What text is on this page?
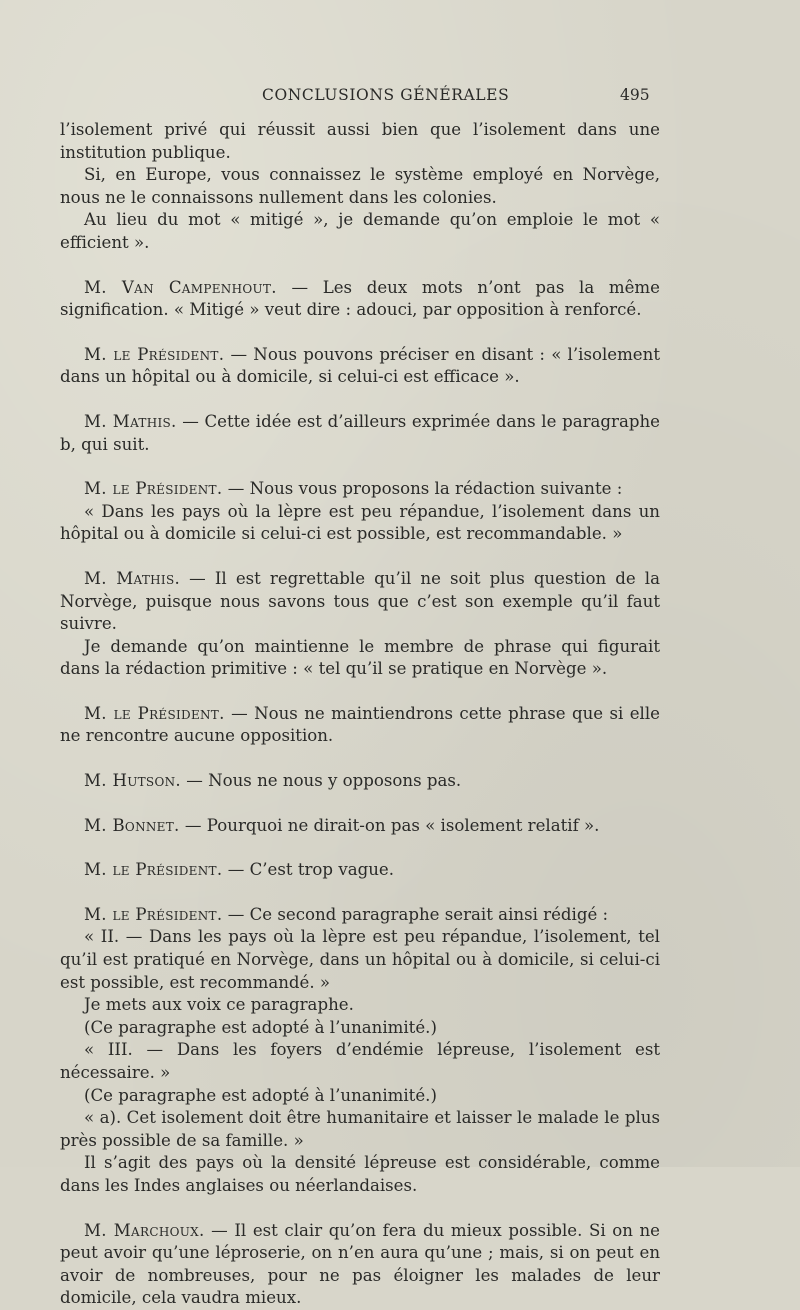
CONCLUSIONS GÉNÉRALES	495

l’isolement privé qui réussit aussi bien que l’isolement dans une institution publique.

Si, en Europe, vous connaissez le système employé en Norvège, nous ne le connaissons nullement dans les colonies.

Au lieu du mot « mitigé », je demande qu’on emploie le mot « efficient ».

M. Van Campenhout. — Les deux mots n’ont pas la même signification. « Mitigé » veut dire : adouci, par opposition à renforcé.

M. le Président. — Nous pouvons préciser en disant : « l’isolement dans un hôpital ou à domicile, si celui-ci est efficace ».

M. Mathis. — Cette idée est d’ailleurs exprimée dans le paragraphe b, qui suit.

M. le Président. — Nous vous proposons la rédaction suivante :

« Dans les pays où la lèpre est peu répandue, l’isolement dans un hôpital ou à domicile si celui-ci est possible, est recommandable. »

M. Mathis. — Il est regrettable qu’il ne soit plus question de la Norvège, puisque nous savons tous que c’est son exemple qu’il faut suivre.

Je demande qu’on maintienne le membre de phrase qui figurait dans la rédaction primitive : « tel qu’il se pratique en Norvège ».

M. le Président. — Nous ne maintiendrons cette phrase que si elle ne rencontre aucune opposition.

M. Hutson. — Nous ne nous y opposons pas.

M. Bonnet. — Pourquoi ne dirait-on pas « isolement relatif ».

M. le Président. — C’est trop vague.

M. le Président. — Ce second paragraphe serait ainsi rédigé :

« II. — Dans les pays où la lèpre est peu répandue, l’isolement, tel qu’il est pratiqué en Norvège, dans un hôpital ou à domicile, si celui-ci est possible, est recommandé. »

Je mets aux voix ce paragraphe.

(Ce paragraphe est adopté à l’unanimité.)

« III. — Dans les foyers d’endémie lépreuse, l’isolement est nécessaire. »

(Ce paragraphe est adopté à l’unanimité.)

« a). Cet isolement doit être humanitaire et laisser le malade le plus près possible de sa famille. »

Il s’agit des pays où la densité lépreuse est considérable, comme dans les Indes anglaises ou néerlandaises.

M. Marchoux. — Il est clair qu’on fera du mieux possible. Si on ne peut avoir qu’une léproserie, on n’en aura qu’une ; mais, si on peut en avoir de nombreuses, pour ne pas éloigner les malades de leur domicile, cela vaudra mieux.
